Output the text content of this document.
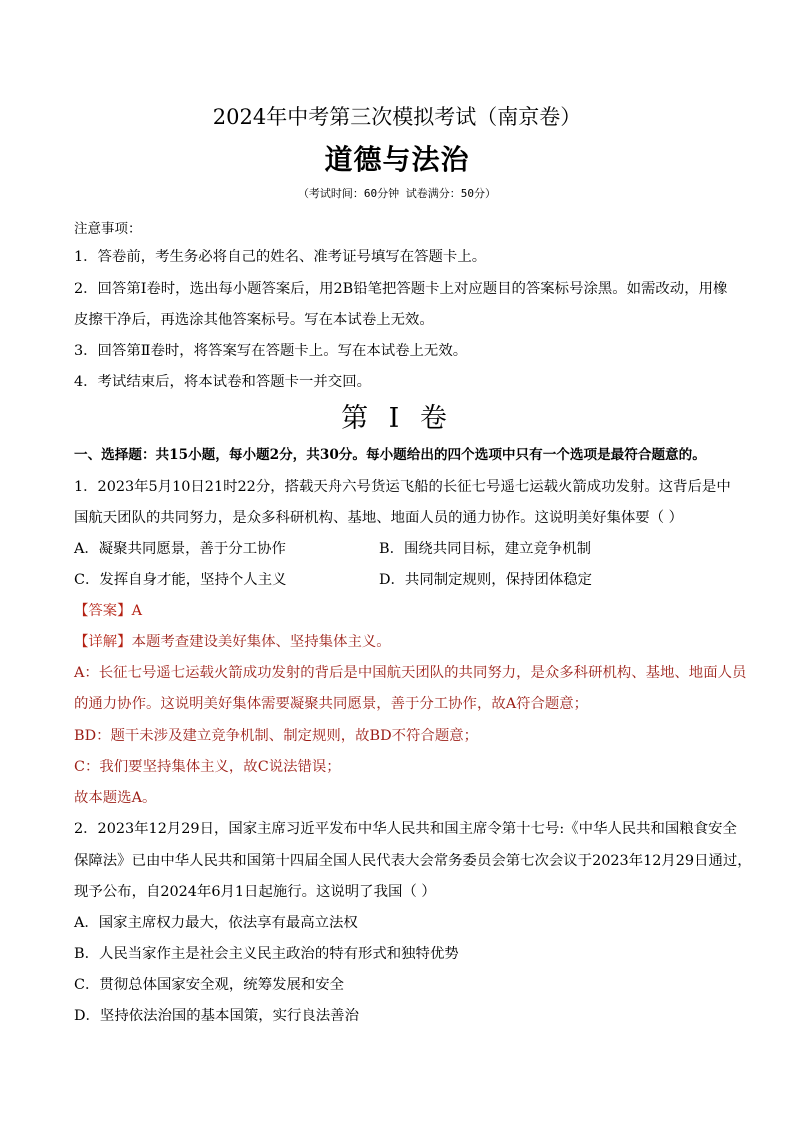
2024年中考第三次模拟考试（南京卷）
道德与法治
（考试时间：60分钟 试卷满分：50分）
注意事项：
1．答卷前，考生务必将自己的姓名、准考证号填写在答题卡上。
2．回答第Ⅰ卷时，选出每小题答案后，用2B铅笔把答题卡上对应题目的答案标号涂黑。如需改动，用橡
皮擦干净后，再选涂其他答案标号。写在本试卷上无效。
3．回答第Ⅱ卷时，将答案写在答题卡上。写在本试卷上无效。
4．考试结束后，将本试卷和答题卡一并交回。
第 I 卷
一、选择题：共15小题，每小题2分，共30分。每小题给出的四个选项中只有一个选项是最符合题意的。
1．2023年5月10日21时22分，搭载天舟六号货运飞船的长征七号遥七运载火箭成功发射。这背后是中
国航天团队的共同努力，是众多科研机构、基地、地面人员的通力协作。这说明美好集体要（ ）
A．凝聚共同愿景，善于分工协作	B．围绕共同目标，建立竞争机制
C．发挥自身才能，坚持个人主义	D．共同制定规则，保持团体稳定
【答案】A
【详解】本题考查建设美好集体、坚持集体主义。
A：长征七号遥七运载火箭成功发射的背后是中国航天团队的共同努力，是众多科研机构、基地、地面人员
的通力协作。这说明美好集体需要凝聚共同愿景，善于分工协作，故A符合题意；
BD：题干未涉及建立竞争机制、制定规则，故BD不符合题意；
C：我们要坚持集体主义，故C说法错误；
故本题选A。
2．2023年12月29日，国家主席习近平发布中华人民共和国主席令第十七号:《中华人民共和国粮食安全
保障法》已由中华人民共和国第十四届全国人民代表大会常务委员会第七次会议于2023年12月29日通过，
现予公布，自2024年6月1日起施行。这说明了我国（ ）
A．国家主席权力最大，依法享有最高立法权
B．人民当家作主是社会主义民主政治的特有形式和独特优势
C．贯彻总体国家安全观，统筹发展和安全
D．坚持依法治国的基本国策，实行良法善治
